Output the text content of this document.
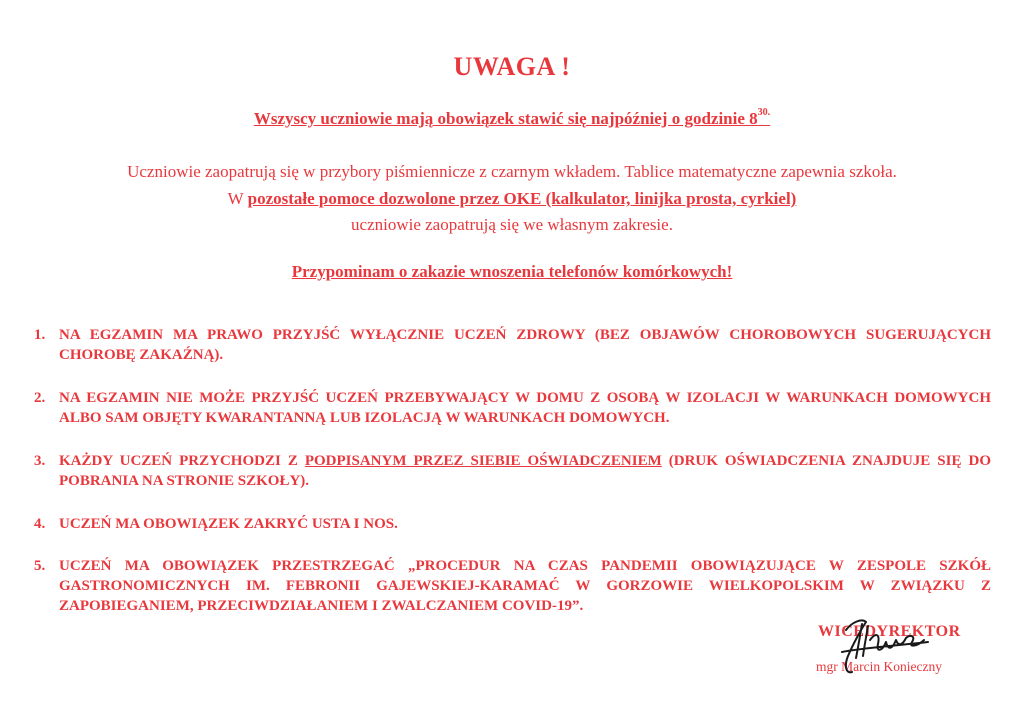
UWAGA !
Wszyscy uczniowie mają obowiązek stawić się najpóźniej o godzinie $8^{30.}$
Uczniowie zaopatrują się w przybory piśmiennicze z czarnym wkładem. Tablice matematyczne zapewnia szkoła.
W pozostałe pomoce dozwolone przez OKE (kalkulator, linijka prosta, cyrkiel)
uczniowie zaopatrują się we własnym zakresie.
Przypominam o zakazie wnoszenia telefonów komórkowych!
1. NA EGZAMIN MA PRAWO PRZYJŚĆ WYŁĄCZNIE UCZEŃ ZDROWY (BEZ OBJAWÓW CHOROBOWYCH SUGERUJĄCYCH CHOROBĘ ZAKAŹNĄ).
2. NA EGZAMIN NIE MOŻE PRZYJŚĆ UCZEŃ PRZEBYWAJĄCY W DOMU Z OSOBĄ W IZOLACJI W WARUNKACH DOMOWYCH ALBO SAM OBJĘTY KWARANTANNĄ LUB IZOLACJĄ W WARUNKACH DOMOWYCH.
3. KAŻDY UCZEŃ PRZYCHODZI Z PODPISANYM PRZEZ SIEBIE OŚWIADCZENIEM (DRUK OŚWIADCZENIA ZNAJDUJE SIĘ DO POBRANIA NA STRONIE SZKOŁY).
4. UCZEŃ MA OBOWIĄZEK ZAKRYĆ USTA I NOS.
5. UCZEŃ MA OBOWIĄZEK PRZESTRZEGAĆ „PROCEDUR NA CZAS PANDEMII OBOWIĄZUJĄCE W ZESPOLE SZKÓŁ GASTRONOMICZNYCH IM. FEBRONII GAJEWSKIEJ-KARAMAĆ W GORZOWIE WIELKOPOLSKIM W ZWIĄZKU Z ZAPOBIEGANIEM, PRZECIWDZIAŁANIEM I ZWALCZANIEM COVID-19”.
WICEDYREKTOR
mgr Marcin Konieczny
